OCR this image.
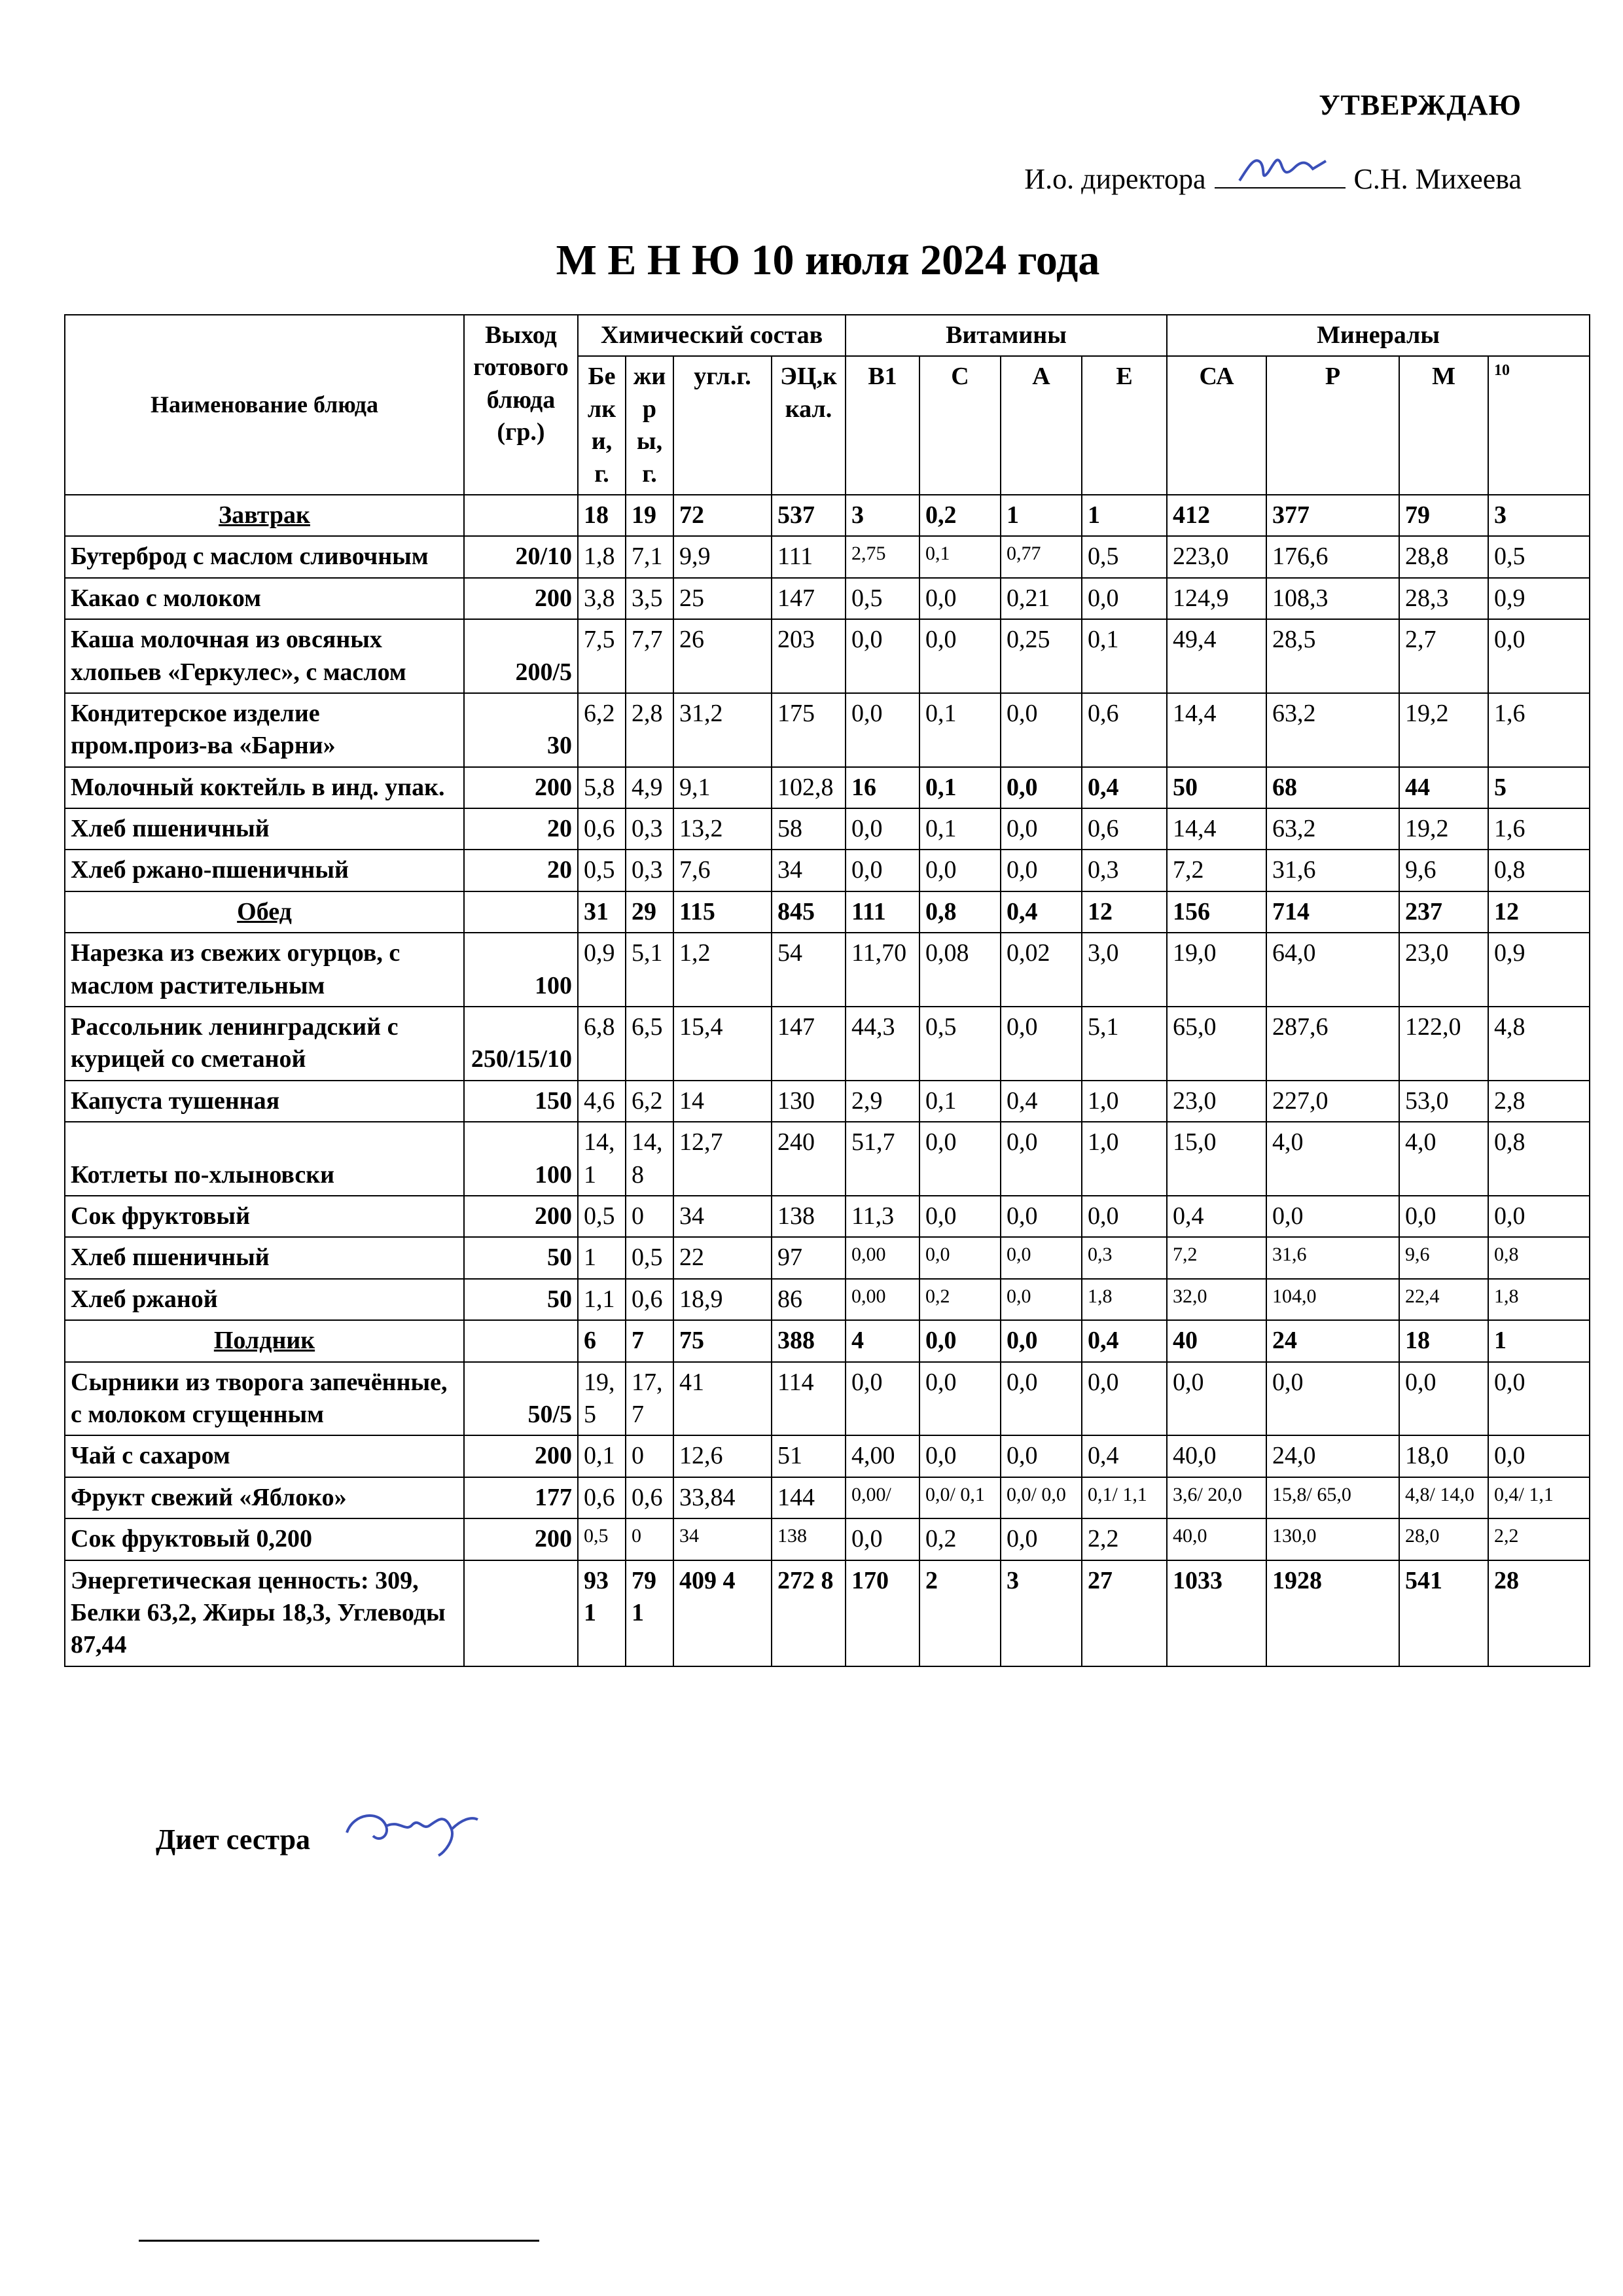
УТВЕРЖДАЮ
И.о. директора	С.Н. Михеева
М Е Н Ю 10 июля 2024 года
Наименование блюда	Выход готового блюда (гр.)	Химический состав				Витамины				Минералы			
		Белки, г.	жиры, г.	угл.г.	ЭЦ,ккал.	В1	С	А	Е	СА	Р	М	10
Завтрак		18	19	72	537	3	0,2	1	1	412	377	79	3
Бутерброд с маслом сливочным	20/10	1,8	7,1	9,9	111	2,75	0,1	0,77	0,5	223,0	176,6	28,8	0,5
Какао с молоком	200	3,8	3,5	25	147	0,5	0,0	0,21	0,0	124,9	108,3	28,3	0,9
Каша молочная из овсяных хлопьев «Геркулес», с маслом	200/5	7,5	7,7	26	203	0,0	0,0	0,25	0,1	49,4	28,5	2,7	0,0
Кондитерское изделие пром.произ-ва «Барни»	30	6,2	2,8	31,2	175	0,0	0,1	0,0	0,6	14,4	63,2	19,2	1,6
Молочный коктейль в инд. упак.	200	5,8	4,9	9,1	102,8	16	0,1	0,0	0,4	50	68	44	5
Хлеб пшеничный	20	0,6	0,3	13,2	58	0,0	0,1	0,0	0,6	14,4	63,2	19,2	1,6
Хлеб ржано-пшеничный	20	0,5	0,3	7,6	34	0,0	0,0	0,0	0,3	7,2	31,6	9,6	0,8
Обед		31	29	115	845	111	0,8	0,4	12	156	714	237	12
Нарезка из свежих огурцов, с маслом растительным	100	0,9	5,1	1,2	54	11,70	0,08	0,02	3,0	19,0	64,0	23,0	0,9
Рассольник ленинградский с курицей со сметаной	250/15/10	6,8	6,5	15,4	147	44,3	0,5	0,0	5,1	65,0	287,6	122,0	4,8
Капуста тушенная	150	4,6	6,2	14	130	2,9	0,1	0,4	1,0	23,0	227,0	53,0	2,8
Котлеты по-хлыновски	100	14,1	14,8	12,7	240	51,7	0,0	0,0	1,0	15,0	4,0	4,0	0,8
Сок фруктовый	200	0,5	0	34	138	11,3	0,0	0,0	0,0	0,4	0,0	0,0	0,0
Хлеб пшеничный	50	1	0,5	22	97	0,00	0,0	0,0	0,3	7,2	31,6	9,6	0,8
Хлеб ржаной	50	1,1	0,6	18,9	86	0,00	0,2	0,0	1,8	32,0	104,0	22,4	1,8
Полдник		6	7	75	388	4	0,0	0,0	0,4	40	24	18	1
Сырники из творога запечённые, с молоком сгущенным	50/5	19,5	17,7	41	114	0,0	0,0	0,0	0,0	0,0	0,0	0,0	0,0
Чай с сахаром	200	0,1	0	12,6	51	4,00	0,0	0,0	0,4	40,0	24,0	18,0	0,0
Фрукт свежий «Яблоко»	177	0,6	0,6	33,84	144	0,00/	0,0/ 0,1	0,0/ 0,0	0,1/ 1,1	3,6/ 20,0	15,8/ 65,0	4,8/ 14,0	0,4/ 1,1
Сок фруктовый 0,200	200	0,5	0	34	138	0,0	0,2	0,0	2,2	40,0	130,0	28,0	2,2
Энергетическая ценность: 309, Белки 63,2, Жиры 18,3, Углеводы 87,44		93 1	79 1	409 4	272 8	170	2	3	27	1033	1928	541	28
Диет сестра
